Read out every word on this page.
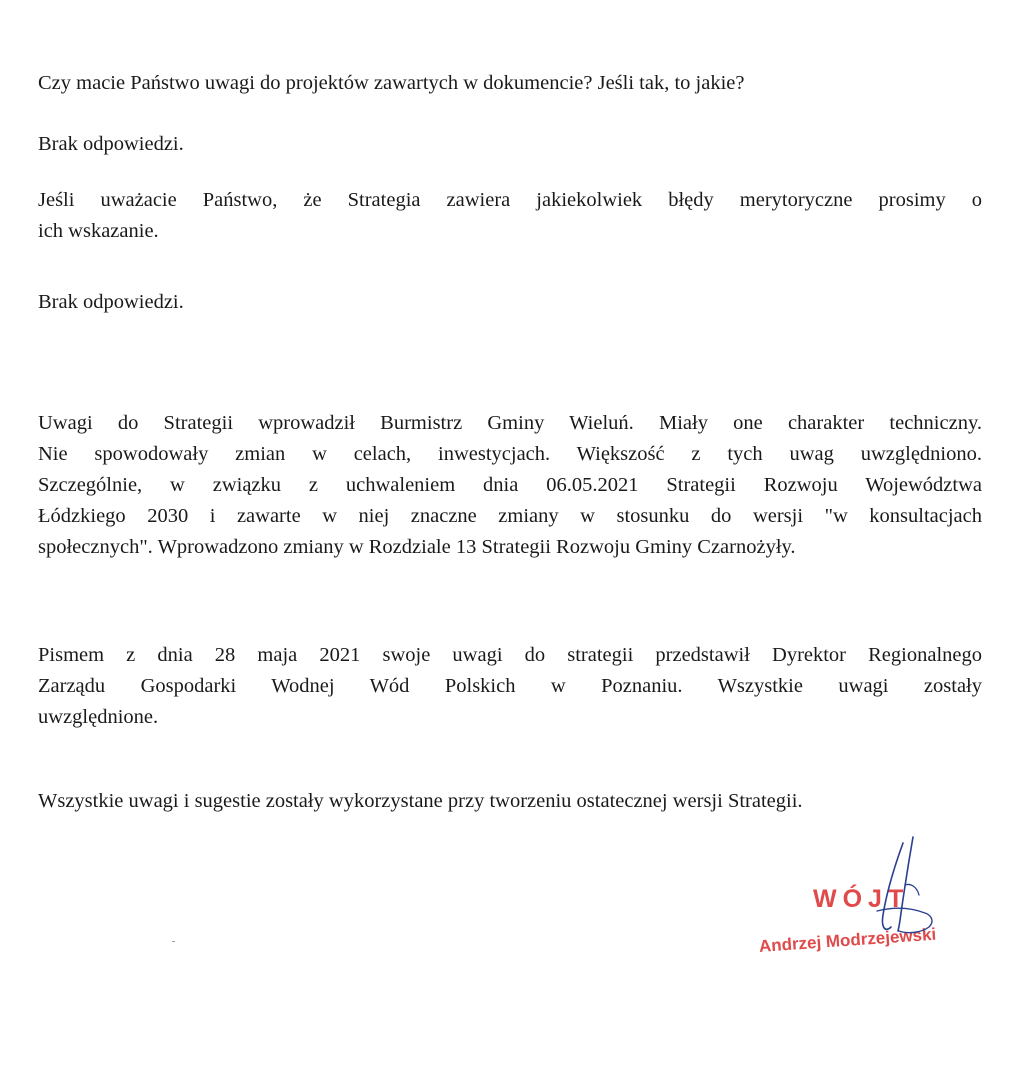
Czy macie Państwo uwagi do projektów zawartych w dokumencie? Jeśli tak, to jakie?

Brak odpowiedzi.

Jeśli uważacie Państwo, że Strategia zawiera jakiekolwiek błędy merytoryczne prosimy o
ich wskazanie.

Brak odpowiedzi.

Uwagi do Strategii wprowadził Burmistrz Gminy Wieluń. Miały one charakter techniczny.
Nie spowodowały zmian w celach, inwestycjach. Większość z tych uwag uwzględniono.
Szczególnie, w związku z uchwaleniem dnia 06.05.2021 Strategii Rozwoju Województwa
Łódzkiego 2030 i zawarte w niej znaczne zmiany w stosunku do wersji "w konsultacjach
społecznych". Wprowadzono zmiany w Rozdziale 13 Strategii Rozwoju Gminy Czarnożyły.

Pismem z dnia 28 maja 2021 swoje uwagi do strategii przedstawił Dyrektor Regionalnego
Zarządu Gospodarki Wodnej Wód Polskich w Poznaniu. Wszystkie uwagi zostały
uwzględnione.

Wszystkie uwagi i sugestie zostały wykorzystane przy tworzeniu ostatecznej wersji Strategii.

WÓJT
Andrzej Modrzejewski
